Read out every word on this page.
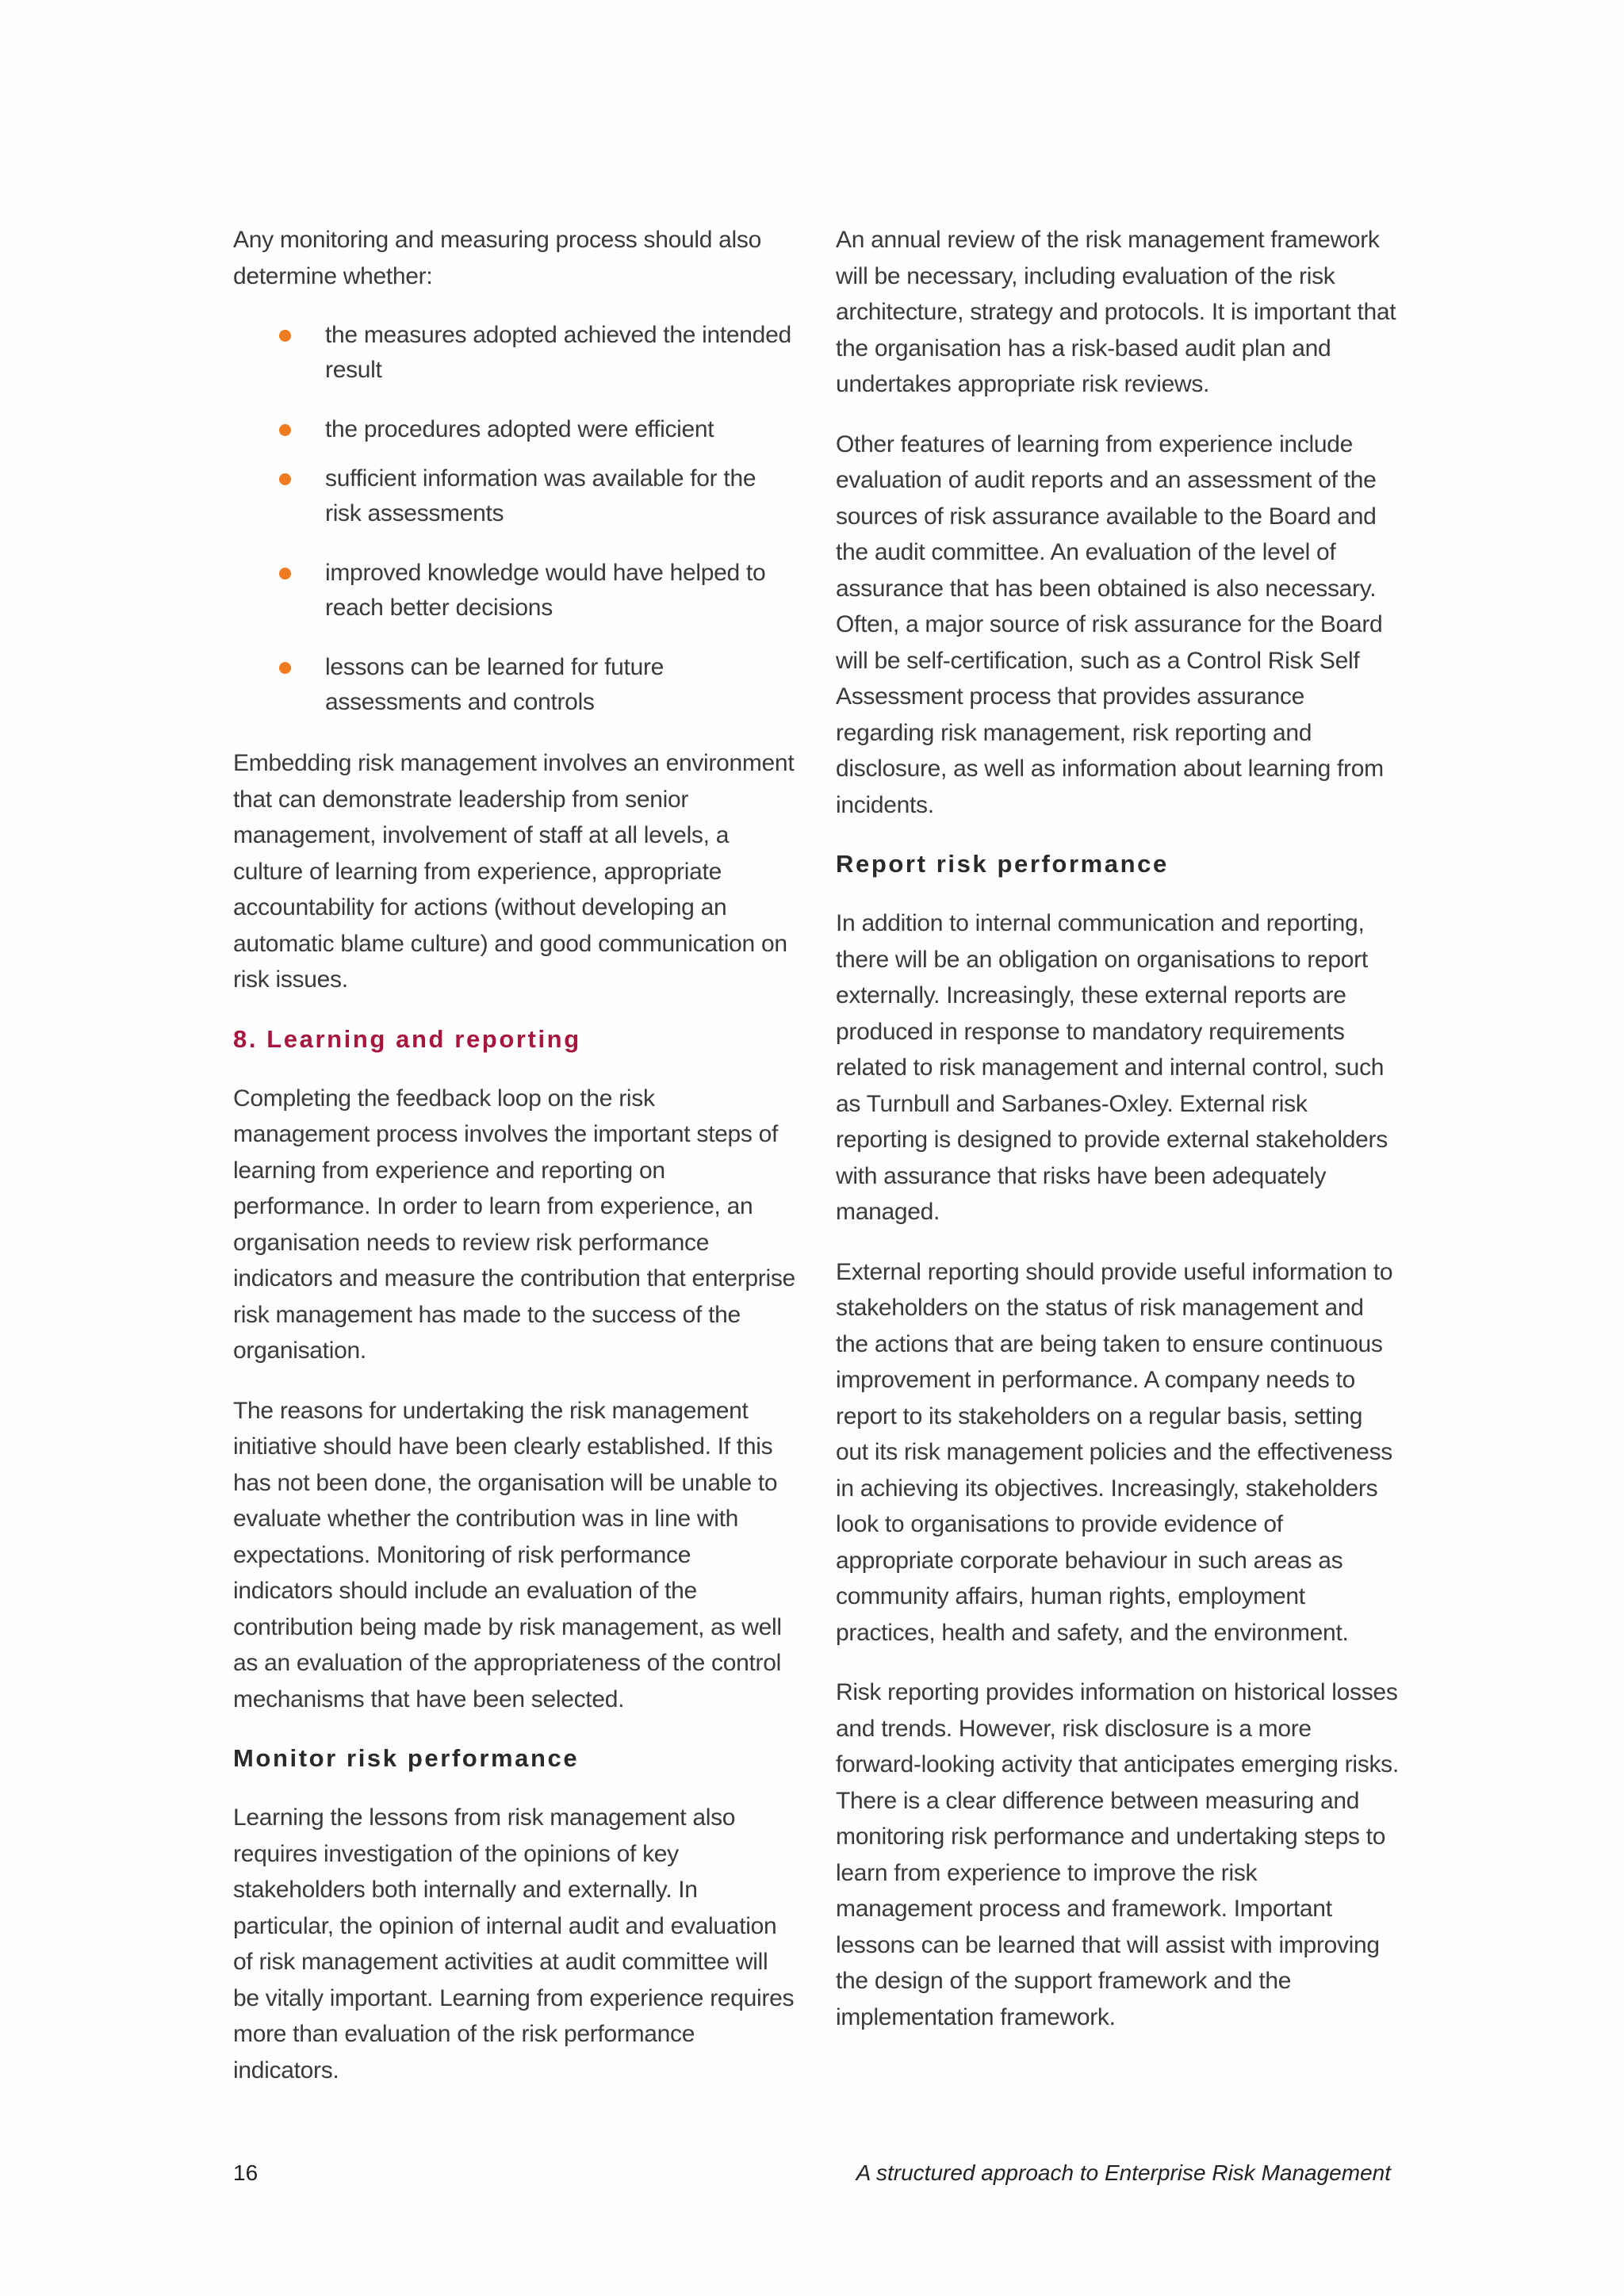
Any monitoring and measuring process should also determine whether:

the measures adopted achieved the intended result
the procedures adopted were efficient
sufficient information was available for the risk assessments
improved knowledge would have helped to reach better decisions
lessons can be learned for future assessments and controls

Embedding risk management involves an environment that can demonstrate leadership from senior management, involvement of staff at all levels, a culture of learning from experience, appropriate accountability for actions (without developing an automatic blame culture) and good communication on risk issues.

8. Learning and reporting

Completing the feedback loop on the risk management process involves the important steps of learning from experience and reporting on performance. In order to learn from experience, an organisation needs to review risk performance indicators and measure the contribution that enterprise risk management has made to the success of the organisation.

The reasons for undertaking the risk management initiative should have been clearly established. If this has not been done, the organisation will be unable to evaluate whether the contribution was in line with expectations. Monitoring of risk performance indicators should include an evaluation of the contribution being made by risk management, as well as an evaluation of the appropriateness of the control mechanisms that have been selected.

Monitor risk performance

Learning the lessons from risk management also requires investigation of the opinions of key stakeholders both internally and externally. In particular, the opinion of internal audit and evaluation of risk management activities at audit committee will be vitally important. Learning from experience requires more than evaluation of the risk performance indicators.

An annual review of the risk management framework will be necessary, including evaluation of the risk architecture, strategy and protocols. It is important that the organisation has a risk-based audit plan and undertakes appropriate risk reviews.

Other features of learning from experience include evaluation of audit reports and an assessment of the sources of risk assurance available to the Board and the audit committee. An evaluation of the level of assurance that has been obtained is also necessary. Often, a major source of risk assurance for the Board will be self-certification, such as a Control Risk Self Assessment process that provides assurance regarding risk management, risk reporting and disclosure, as well as information about learning from incidents.

Report risk performance

In addition to internal communication and reporting, there will be an obligation on organisations to report externally. Increasingly, these external reports are produced in response to mandatory requirements related to risk management and internal control, such as Turnbull and Sarbanes-Oxley. External risk reporting is designed to provide external stakeholders with assurance that risks have been adequately managed.

External reporting should provide useful information to stakeholders on the status of risk management and the actions that are being taken to ensure continuous improvement in performance. A company needs to report to its stakeholders on a regular basis, setting out its risk management policies and the effectiveness in achieving its objectives. Increasingly, stakeholders look to organisations to provide evidence of appropriate corporate behaviour in such areas as community affairs, human rights, employment practices, health and safety, and the environment.

Risk reporting provides information on historical losses and trends. However, risk disclosure is a more forward-looking activity that anticipates emerging risks. There is a clear difference between measuring and monitoring risk performance and undertaking steps to learn from experience to improve the risk management process and framework. Important lessons can be learned that will assist with improving the design of the support framework and the implementation framework.

16	A structured approach to Enterprise Risk Management
